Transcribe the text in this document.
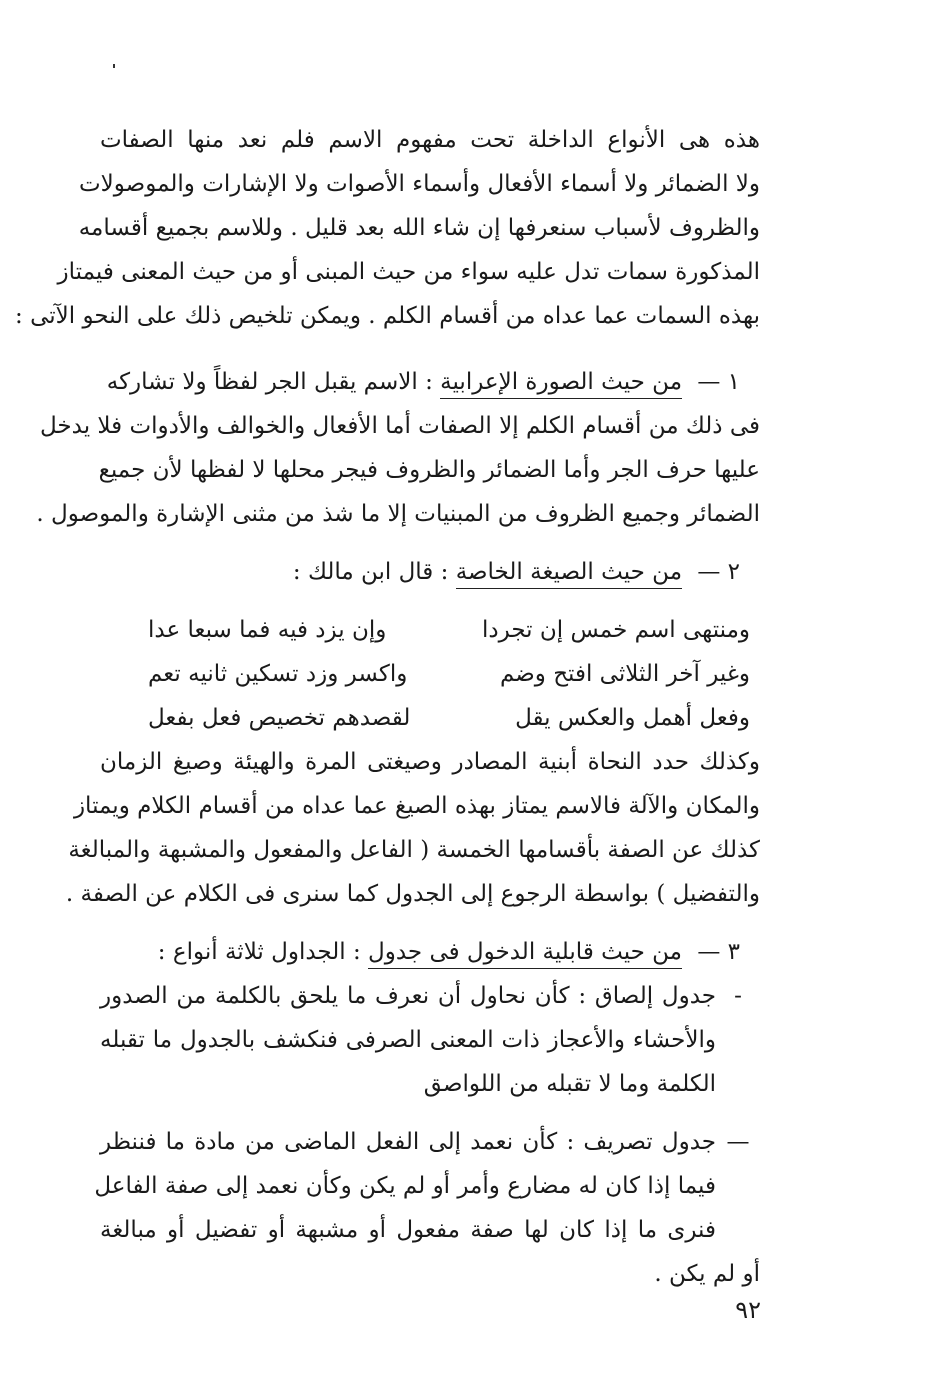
هذه هى الأنواع الداخلة تحت مفهوم الاسم فلم نعد منها الصفات
ولا الضمائر ولا أسماء الأفعال وأسماء الأصوات ولا الإشارات والموصولات
والظروف لأسباب سنعرفها إن شاء الله بعد قليل . وللاسم بجميع أقسامه
المذكورة سمات تدل عليه سواء من حيث المبنى أو من حيث المعنى فيمتاز
بهذه السمات عما عداه من أقسام الكلم . ويمكن تلخيص ذلك على النحو الآتى :
١ — من حيث الصورة الإعرابية : الاسم يقبل الجر لفظاً ولا تشاركه
فى ذلك من أقسام الكلم إلا الصفات أما الأفعال والخوالف والأدوات فلا يدخل
عليها حرف الجر وأما الضمائر والظروف فيجر محلها لا لفظها لأن جميع
الضمائر وجميع الظروف من المبنيات إلا ما شذ من مثنى الإشارة والموصول .
٢ — من حيث الصيغة الخاصة : قال ابن مالك :
ومنتهى اسم خمس إن تجردا
وإن يزد فيه فما سبعا عدا
وغير آخر الثلاثى افتح وضم
واكسر وزد تسكين ثانيه تعم
وفعل أهمل والعكس يقل
لقصدهم تخصيص فعل بفعل
وكذلك حدد النحاة أبنية المصادر وصيغتى المرة والهيئة وصيغ الزمان
والمكان والآلة فالاسم يمتاز بهذه الصيغ عما عداه من أقسام الكلام ويمتاز
كذلك عن الصفة بأقسامها الخمسة ( الفاعل والمفعول والمشبهة والمبالغة
والتفضيل ) بواسطة الرجوع إلى الجدول كما سنرى فى الكلام عن الصفة .
٣ — من حيث قابلية الدخول فى جدول : الجداول ثلاثة أنواع :
-
جدول إلصاق : كأن نحاول أن نعرف ما يلحق بالكلمة من الصدور
والأحشاء والأعجاز ذات المعنى الصرفى فنكشف بالجدول ما تقبله
الكلمة وما لا تقبله من اللواصق
—
جدول تصريف : كأن نعمد إلى الفعل الماضى من مادة ما فننظر
فيما إذا كان له مضارع وأمر أو لم يكن وكأن نعمد إلى صفة الفاعل
فنرى ما إذا كان لها صفة مفعول أو مشبهة أو تفضيل أو مبالغة
أو لم يكن .
٩٢
